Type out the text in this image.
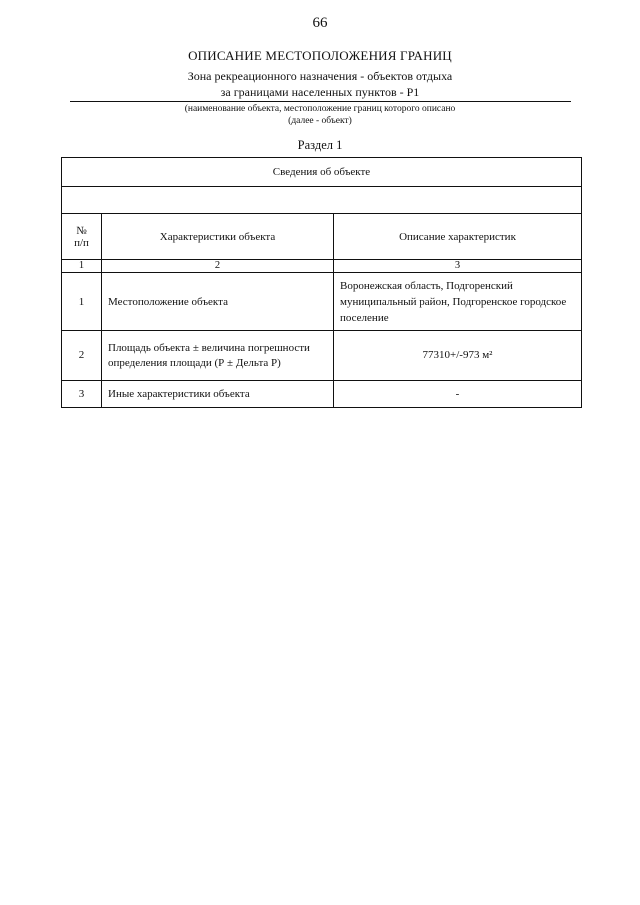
66
ОПИСАНИЕ МЕСТОПОЛОЖЕНИЯ ГРАНИЦ
Зона рекреационного назначения - объектов отдыха
за границами населенных пунктов - Р1
(наименование объекта, местоположение границ которого описано
(далее - объект)
Раздел 1
Сведения об объекте		

№
п/п	Характеристики объекта	Описание характеристик
1	2	3
1	Местоположение объекта	Воронежская область, Подгоренский муниципальный район, Подгоренское городское поселение
2	Площадь объекта ± величина погрешности определения площади (Р ± Дельта Р)	77310+/-973 м²
3	Иные характеристики объекта	-
